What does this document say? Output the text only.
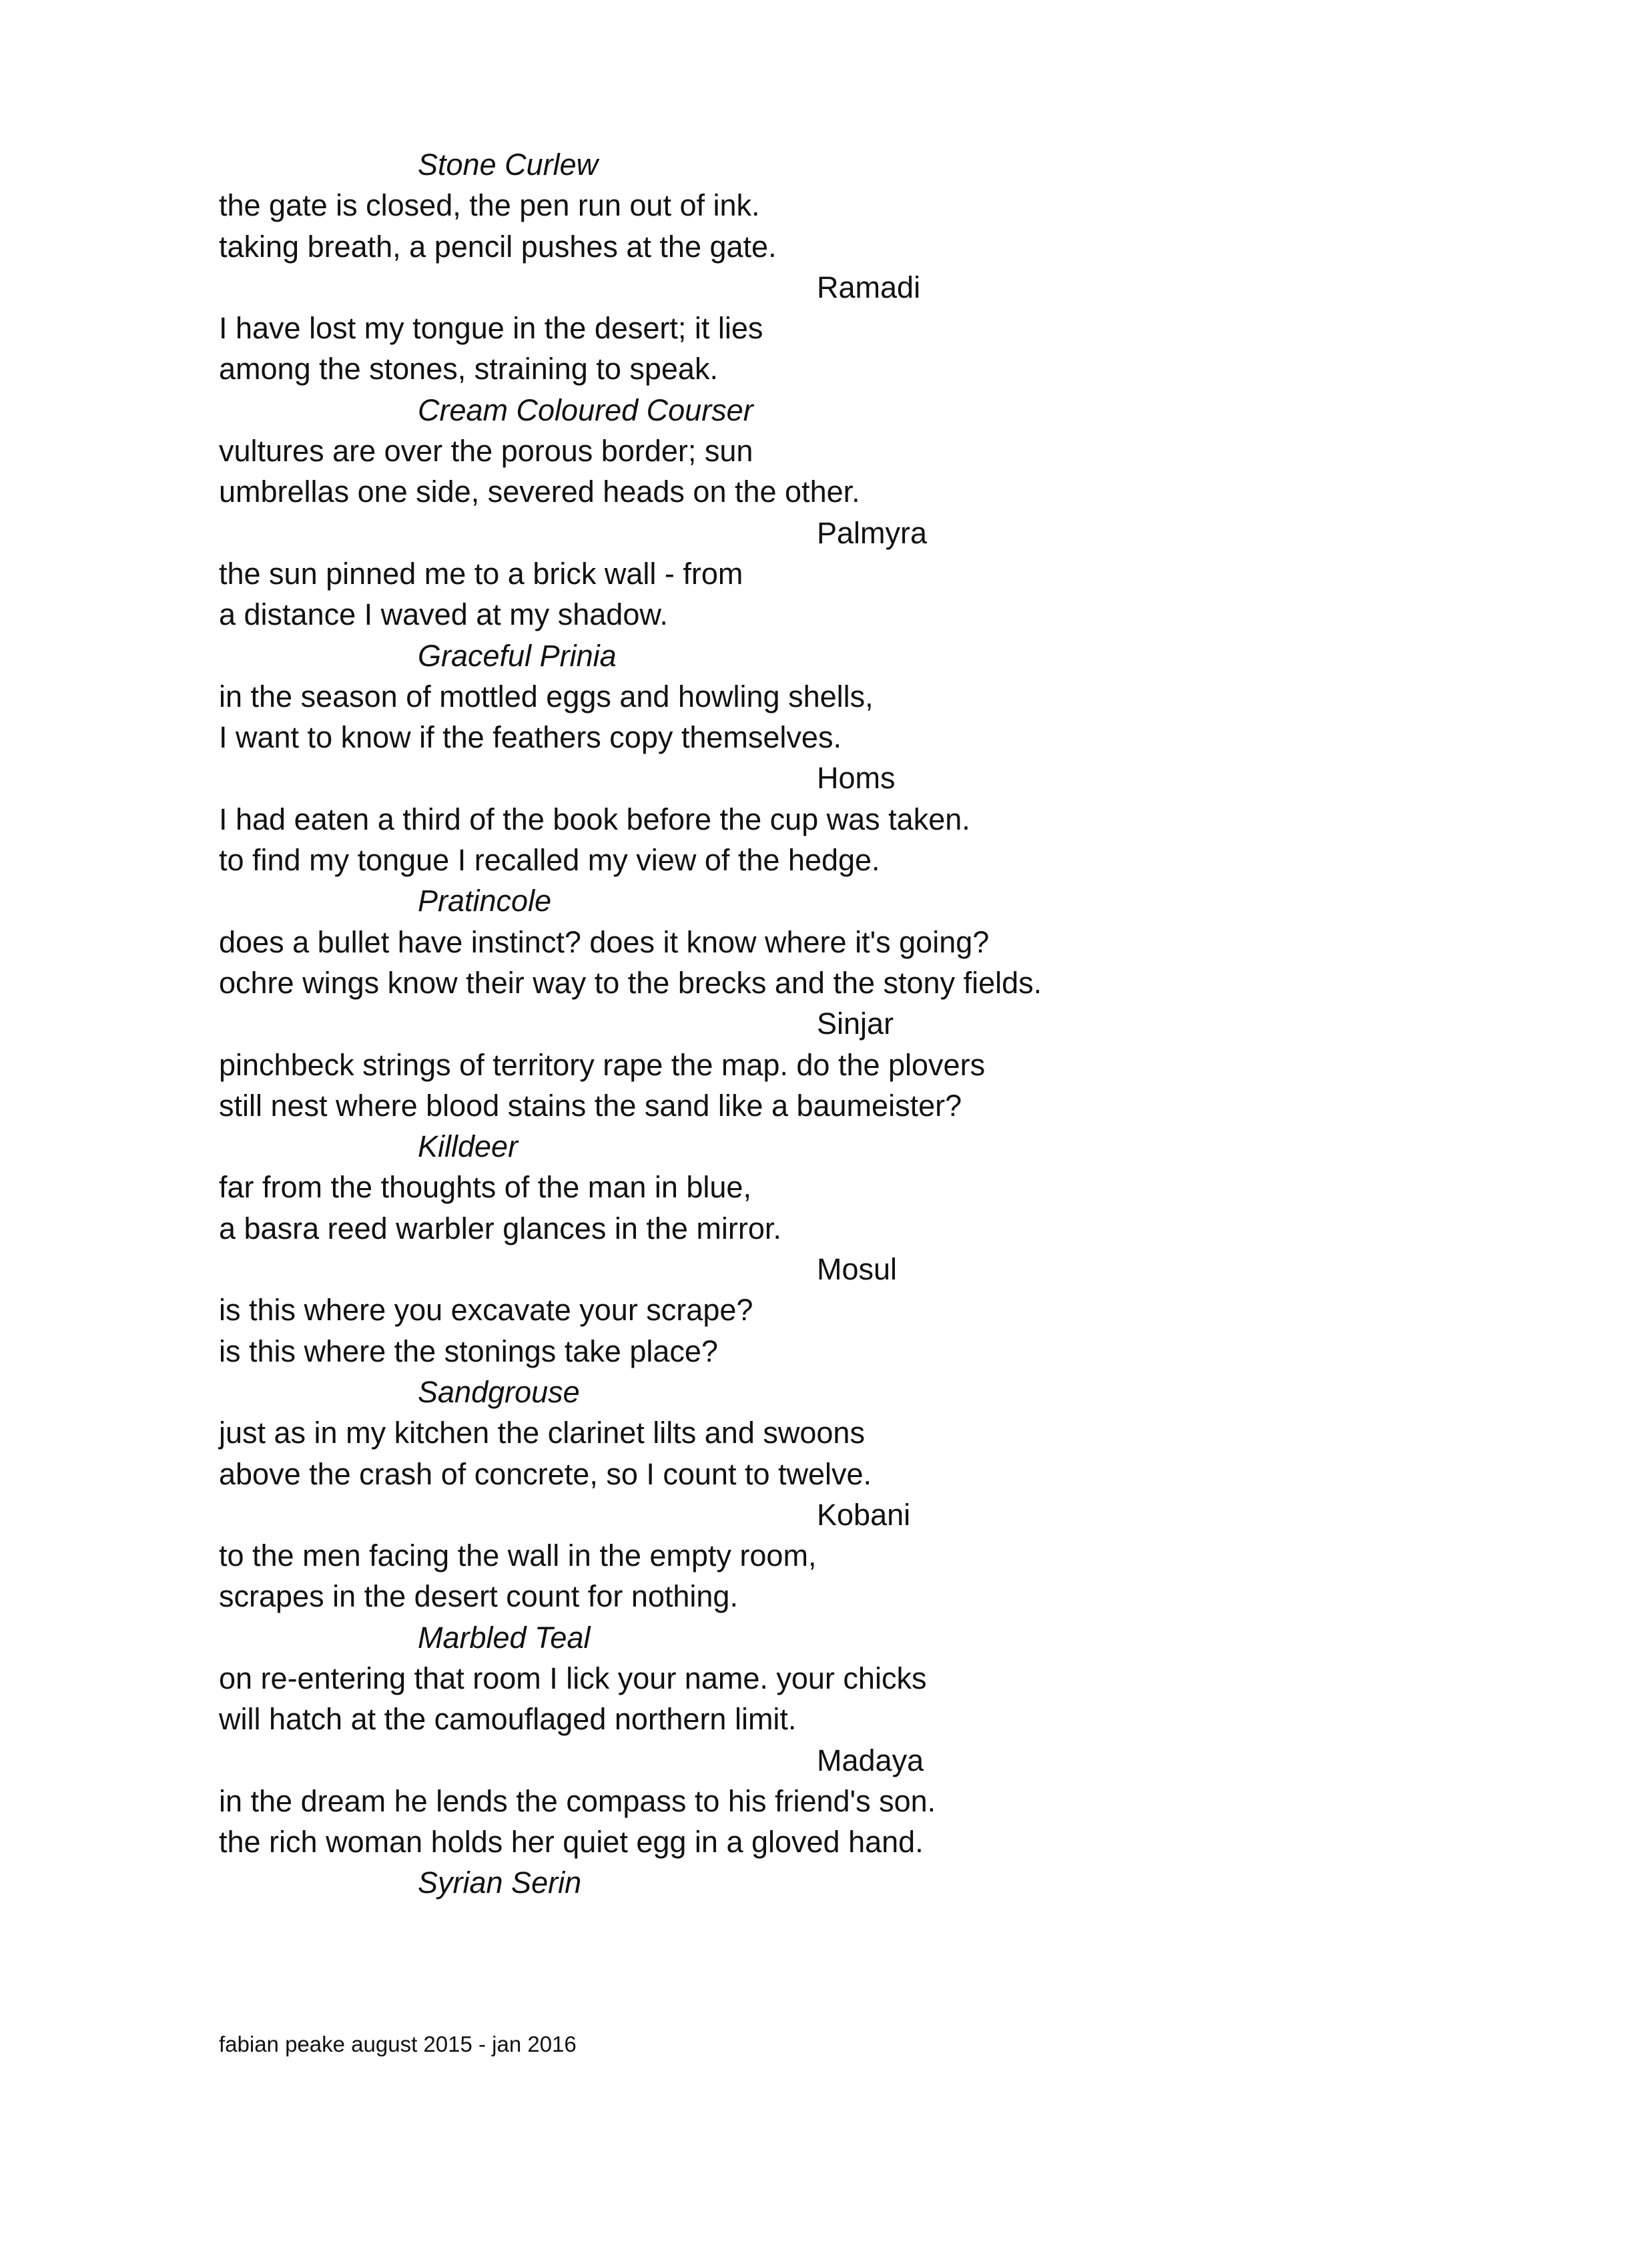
Stone Curlew
the gate is closed, the pen run out of ink.
taking breath, a pencil pushes at the gate.
Ramadi
I have lost my tongue in the desert; it lies
among the stones, straining to speak.
Cream Coloured Courser
vultures are over the porous border; sun
umbrellas one side, severed heads on the other.
Palmyra
the sun pinned me to a brick wall - from
a distance I waved at my shadow.
Graceful Prinia
in the season of mottled eggs and howling shells,
I want to know if the feathers copy themselves.
Homs
I had eaten a third of the book before the cup was taken.
to find my tongue I recalled my view of the hedge.
Pratincole
does a bullet have instinct? does it know where it's going?
ochre wings know their way to the brecks and the stony fields.
Sinjar
pinchbeck strings of territory rape the map. do the plovers
still nest where blood stains the sand like a baumeister?
Killdeer
far from the thoughts of the man in blue,
a basra reed warbler glances in the mirror.
Mosul
is this where you excavate your scrape?
is this where the stonings take place?
Sandgrouse
just as in my kitchen the clarinet lilts and swoons
above the crash of concrete, so I count to twelve.
Kobani
to the men facing the wall in the empty room,
scrapes in the desert count for nothing.
Marbled Teal
on re-entering that room I lick your name. your chicks
will hatch at the camouflaged northern limit.
Madaya
in the dream he lends the compass to his friend's son.
the rich woman holds her quiet egg in a gloved hand.
Syrian Serin
fabian peake august 2015 - jan 2016
